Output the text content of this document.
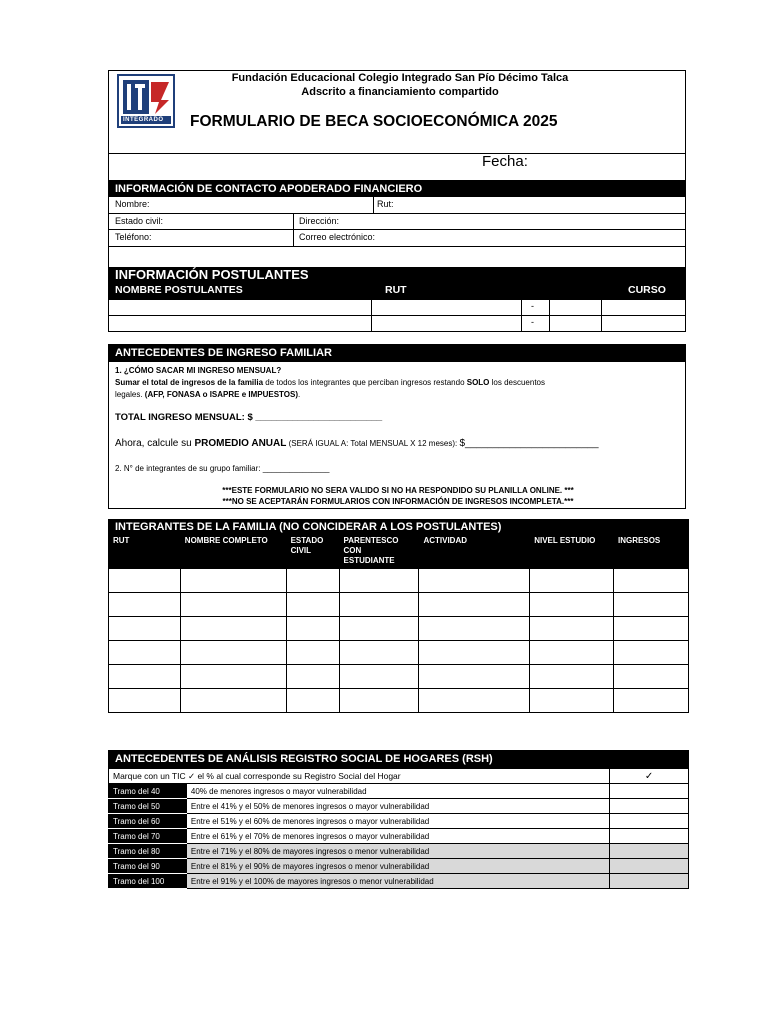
INTEGRADO
Fundación Educacional Colegio Integrado San Pío Décimo Talca
Adscrito a financiamiento compartido
FORMULARIO DE BECA SOCIOECONÓMICA 2025
Fecha:
INFORMACIÓN DE CONTACTO APODERADO FINANCIERO
Nombre:	Rut:
Estado civil:	Dirección:
Teléfono:	Correo electrónico:
INFORMACIÓN POSTULANTES
NOMBRE POSTULANTES	RUT	CURSO
-
-
ANTECEDENTES DE INGRESO FAMILIAR
1. ¿CÓMO SACAR MI INGRESO MENSUAL?
Sumar el total de ingresos de la familia de todos los integrantes que perciban ingresos restando SOLO los descuentos
legales. (AFP, FONASA o ISAPRE e IMPUESTOS).
TOTAL INGRESO MENSUAL: $ ________________________
Ahora, calcule su PROMEDIO ANUAL (SERÁ IGUAL A: Total MENSUAL X 12 meses): $________________________
2. N° de integrantes de su grupo familiar: _______________
***ESTE FORMULARIO NO SERA VALIDO SI NO HA RESPONDIDO SU PLANILLA ONLINE. ***
***NO SE ACEPTARÁN FORMULARIOS CON INFORMACIÓN DE INGRESOS INCOMPLETA.***
INTEGRANTES DE LA FAMILIA (NO CONCIDERAR A LOS POSTULANTES)
RUT	NOMBRE COMPLETO	ESTADO CIVIL	PARENTESCO CON ESTUDIANTE	ACTIVIDAD	NIVEL ESTUDIO	INGRESOS

ANTECEDENTES DE ANÁLISIS REGISTRO SOCIAL DE HOGARES (RSH)
Marque con un TIC ✓ el % al cual corresponde su Registro Social del Hogar		✓
Tramo del 40	40% de menores ingresos o mayor vulnerabilidad	
Tramo del 50	Entre el 41% y el 50% de menores ingresos o mayor vulnerabilidad	
Tramo del 60	Entre el 51% y el 60% de menores ingresos o mayor vulnerabilidad	
Tramo del 70	Entre el 61% y el 70% de menores ingresos o mayor vulnerabilidad	
Tramo del 80	Entre el 71% y el 80% de mayores ingresos o menor vulnerabilidad	
Tramo del 90	Entre el 81% y el 90% de mayores ingresos o menor vulnerabilidad	
Tramo del 100	Entre el 91% y el 100% de mayores ingresos o menor vulnerabilidad	
